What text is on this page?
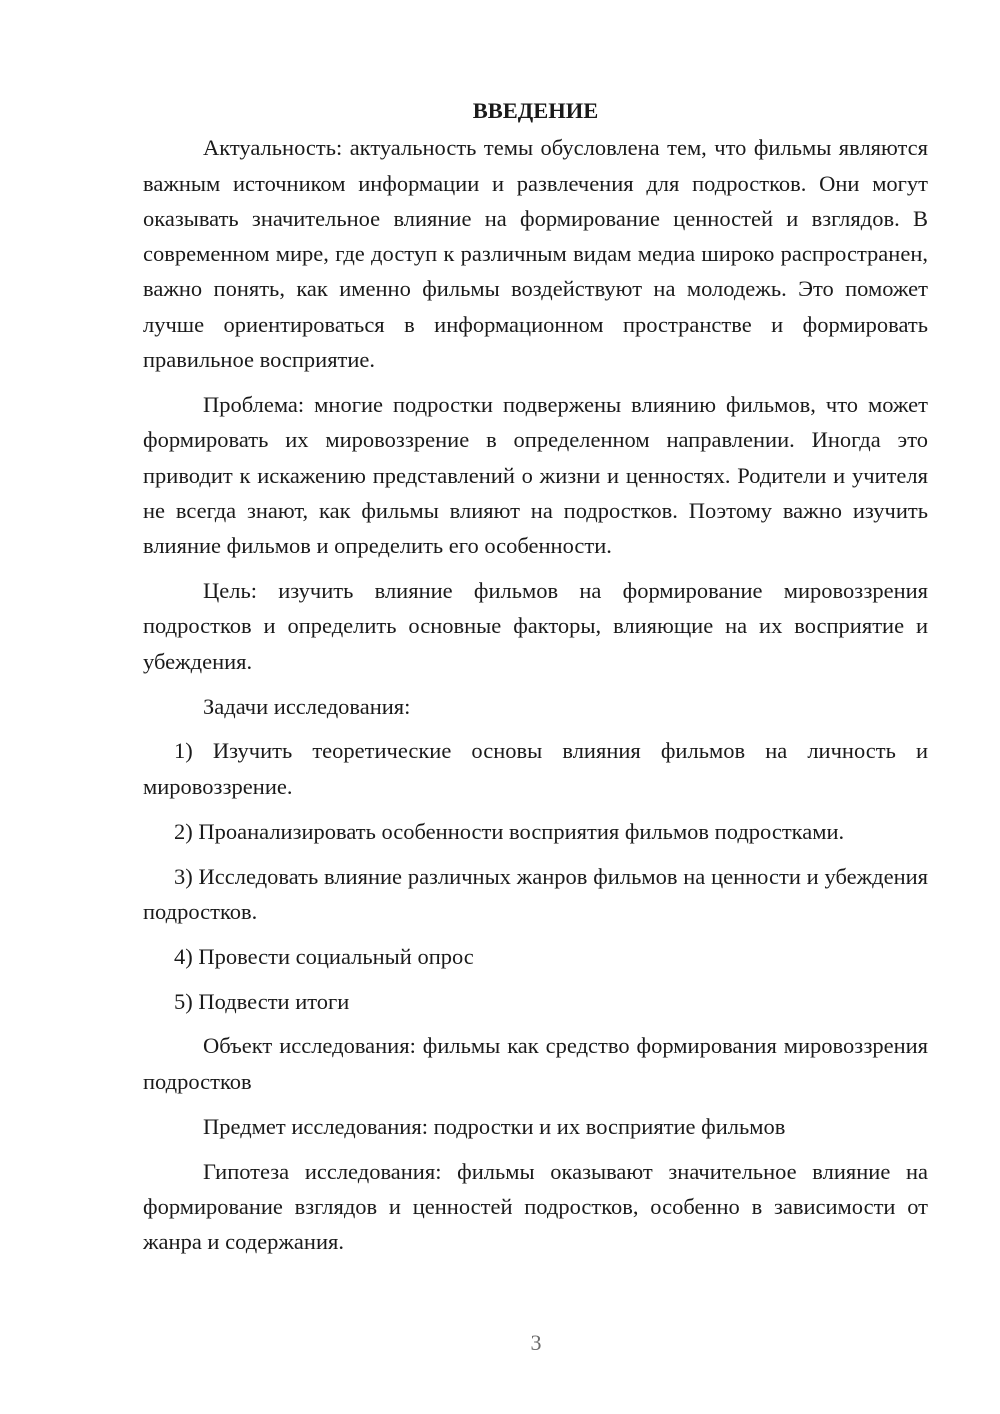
ВВЕДЕНИЕ

Актуальность: актуальность темы обусловлена тем, что фильмы являются важным источником информации и развлечения для подростков. Они могут оказывать значительное влияние на формирование ценностей и взглядов. В современном мире, где доступ к различным видам медиа широко распространен, важно понять, как именно фильмы воздействуют на молодежь. Это поможет лучше ориентироваться в информационном пространстве и формировать правильное восприятие.

Проблема: многие подростки подвержены влиянию фильмов, что может формировать их мировоззрение в определенном направлении. Иногда это приводит к искажению представлений о жизни и ценностях. Родители и учителя не всегда знают, как фильмы влияют на подростков. Поэтому важно изучить влияние фильмов и определить его особенности.

Цель: изучить влияние фильмов на формирование мировоззрения подростков и определить основные факторы, влияющие на их восприятие и убеждения.

Задачи исследования:

1) Изучить теоретические основы влияния фильмов на личность и мировоззрение.

2) Проанализировать особенности восприятия фильмов подростками.

3) Исследовать влияние различных жанров фильмов на ценности и убеждения подростков.

4) Провести социальный опрос

5) Подвести итоги

Объект исследования: фильмы как средство формирования мировоззрения подростков

Предмет исследования: подростки и их восприятие фильмов

Гипотеза исследования: фильмы оказывают значительное влияние на формирование взглядов и ценностей подростков, особенно в зависимости от жанра и содержания.

3
